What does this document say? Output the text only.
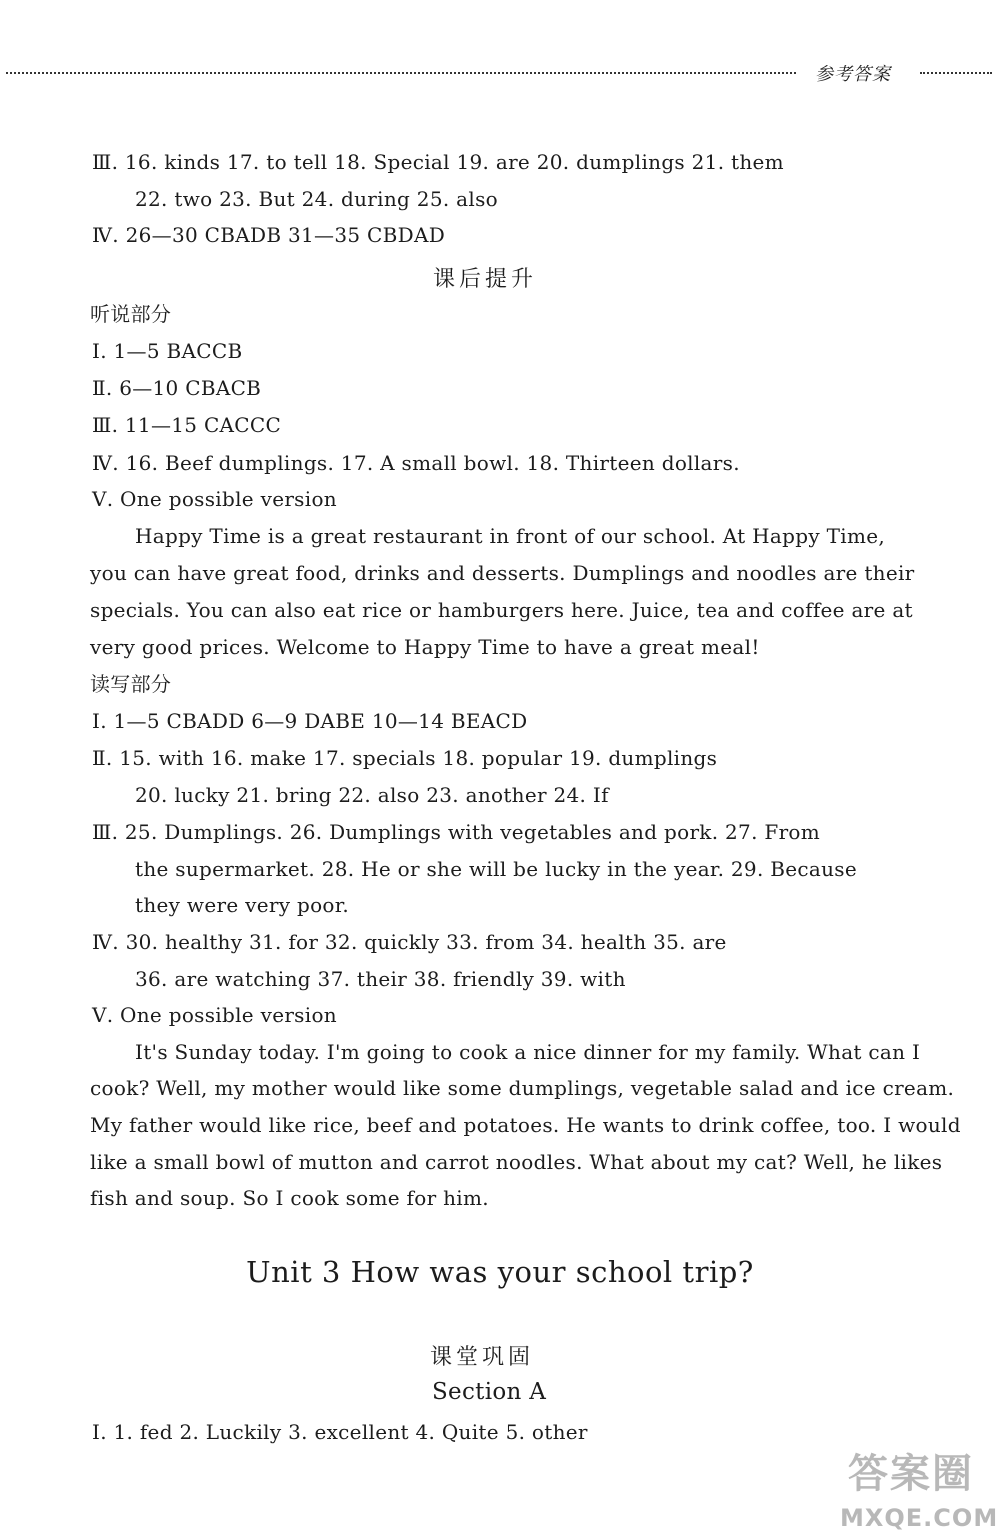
参考答案
Ⅲ. 16. kinds 17. to tell 18. Special 19. are 20. dumplings 21. them
22. two 23. But 24. during 25. also
Ⅳ. 26—30 CBADB 31—35 CBDAD
课后提升
听说部分
Ⅰ. 1—5 BACCB
Ⅱ. 6—10 CBACB
Ⅲ. 11—15 CACCC
Ⅳ. 16. Beef dumplings. 17. A small bowl. 18. Thirteen dollars.
Ⅴ. One possible version
Happy Time is a great restaurant in front of our school. At Happy Time,
you can have great food, drinks and desserts. Dumplings and noodles are their
specials. You can also eat rice or hamburgers here. Juice, tea and coffee are at
very good prices. Welcome to Happy Time to have a great meal!
读写部分
Ⅰ. 1—5 CBADD 6—9 DABE 10—14 BEACD
Ⅱ. 15. with 16. make 17. specials 18. popular 19. dumplings
20. lucky 21. bring 22. also 23. another 24. If
Ⅲ. 25. Dumplings. 26. Dumplings with vegetables and pork. 27. From
the supermarket. 28. He or she will be lucky in the year. 29. Because
they were very poor.
Ⅳ. 30. healthy 31. for 32. quickly 33. from 34. health 35. are
36. are watching 37. their 38. friendly 39. with
Ⅴ. One possible version
It's Sunday today. I'm going to cook a nice dinner for my family. What can I
cook? Well, my mother would like some dumplings, vegetable salad and ice cream.
My father would like rice, beef and potatoes. He wants to drink coffee, too. I would
like a small bowl of mutton and carrot noodles. What about my cat? Well, he likes
fish and soup. So I cook some for him.
Unit 3 How was your school trip?
课堂巩固
Section A
Ⅰ. 1. fed 2. Luckily 3. excellent 4. Quite 5. other
答案圈
MXQE.COM
